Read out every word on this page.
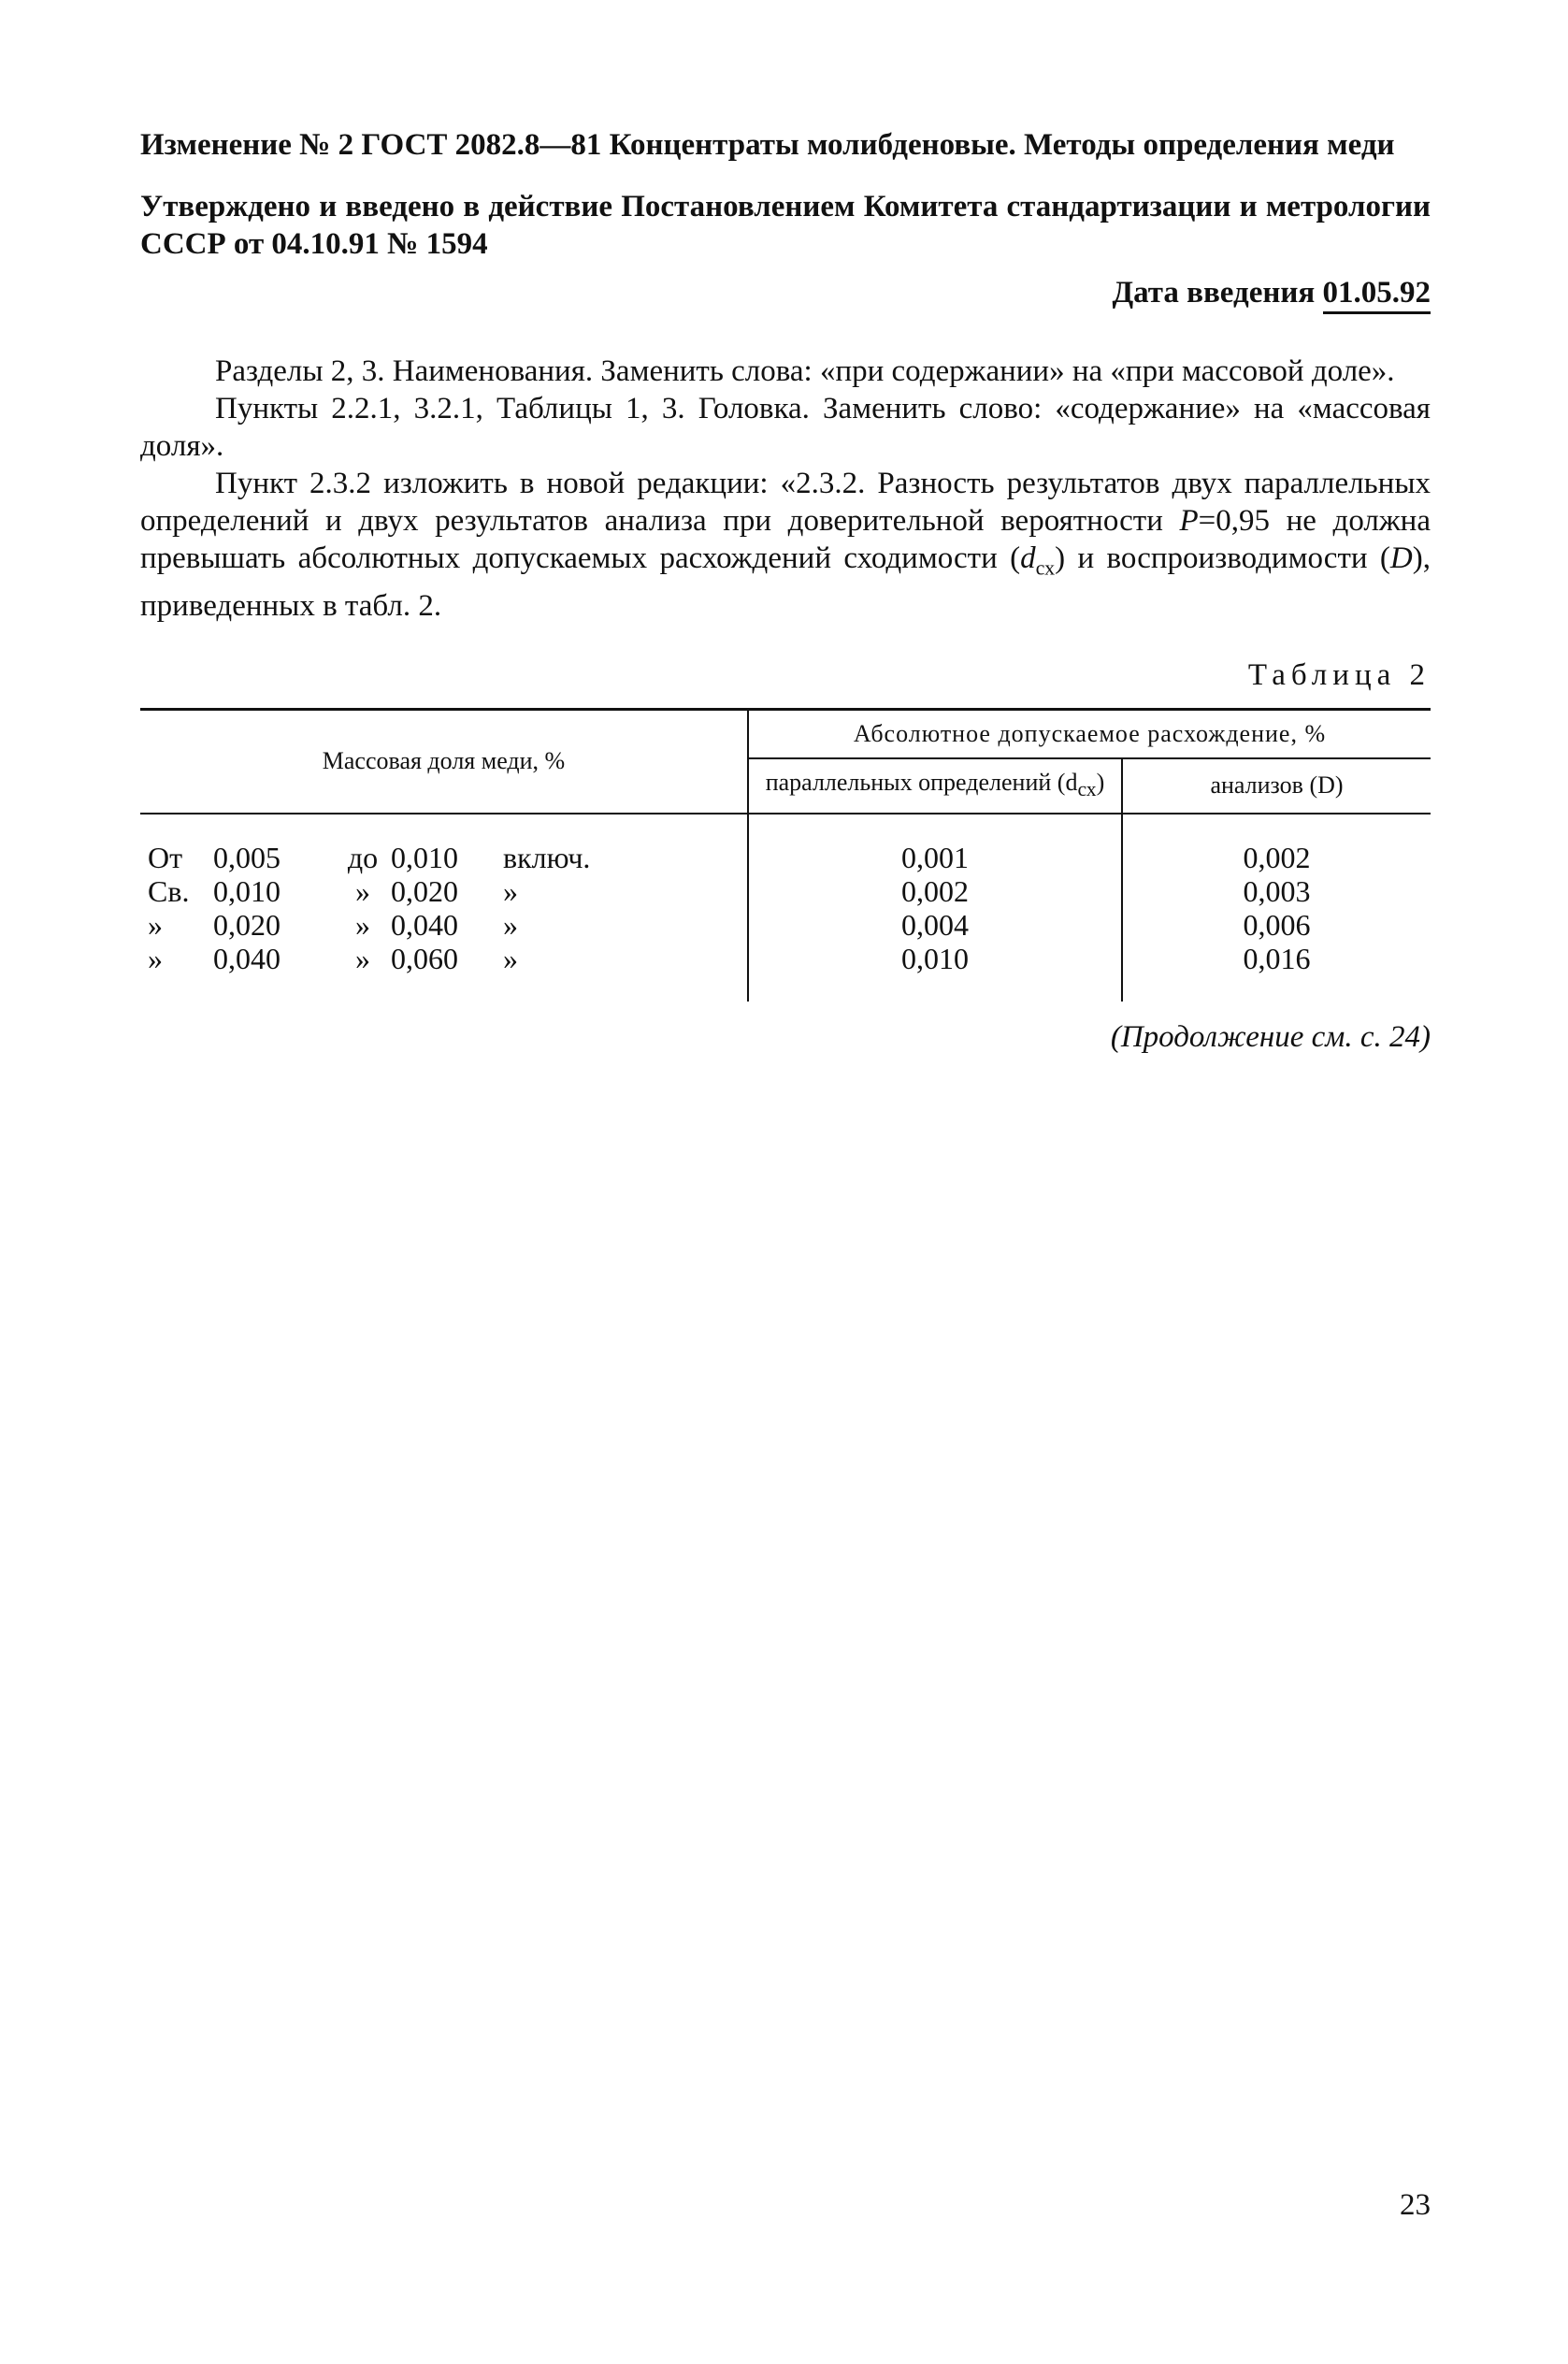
Изменение № 2 ГОСТ 2082.8—81 Концентраты молибденовые. Методы определения меди

Утверждено и введено в действие Постановлением Комитета стандартизации и метрологии СССР от 04.10.91 № 1594

Дата введения 01.05.92

Разделы 2, 3. Наименования. Заменить слова: «при содержании» на «при массовой доле».

Пункты 2.2.1, 3.2.1, Таблицы 1, 3. Головка. Заменить слово: «содержание» на «массовая доля».

Пункт 2.3.2 изложить в новой редакции: «2.3.2. Разность результатов двух параллельных определений и двух результатов анализа при доверительной вероятности P=0,95 не должна превышать абсолютных допускаемых расхождений сходимости $(d_{сх})$ и воспроизводимости (D), приведенных в табл. 2.

Таблица 2
Массовая доля меди, %	Абсолютное допускаемое расхождение, %	
	параллельных определений $(d_{сх})$	анализов (D)
От 0,005 до 0,010 включ.	0,001	0,002
Св. 0,010 » 0,020 »	0,002	0,003
» 0,020 » 0,040 »	0,004	0,006
» 0,040 » 0,060 »	0,010	0,016
(Продолжение см. с. 24)
23
